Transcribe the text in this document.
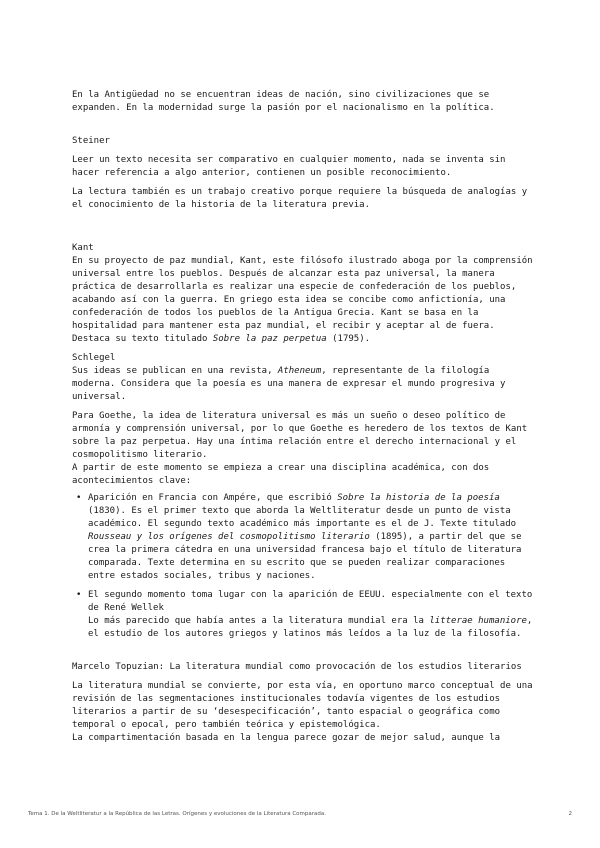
En la Antigüedad no se encuentran ideas de nación, sino civilizaciones que se expanden. En la modernidad surge la pasión por el nacionalismo en la política.

Steiner

Leer un texto necesita ser comparativo en cualquier momento, nada se inventa sin hacer referencia a algo anterior, contienen un posible reconocimiento.

La lectura también es un trabajo creativo porque requiere la búsqueda de analogías y el conocimiento de la historia de la literatura previa.

Kant

En su proyecto de paz mundial, Kant, este filósofo ilustrado aboga por la comprensión universal entre los pueblos. Después de alcanzar esta paz universal, la manera práctica de desarrollarla es realizar una especie de confederación de los pueblos, acabando así con la guerra. En griego esta idea se concibe como anfictionía, una confederación de todos los pueblos de la Antigua Grecia. Kant se basa en la hospitalidad para mantener esta paz mundial, el recibir y aceptar al de fuera. Destaca su texto titulado Sobre la paz perpetua (1795).

Schlegel

Sus ideas se publican en una revista, Atheneum, representante de la filología moderna. Considera que la poesía es una manera de expresar el mundo progresiva y universal.

Para Goethe, la idea de literatura universal es más un sueño o deseo político de armonía y comprensión universal, por lo que Goethe es heredero de los textos de Kant sobre la paz perpetua. Hay una íntima relación entre el derecho internacional y el cosmopolitismo literario.

A partir de este momento se empieza a crear una disciplina académica, con dos acontecimientos clave:

• Aparición en Francia con Ampére, que escribió Sobre la historia de la poesía (1830). Es el primer texto que aborda la Weltliteratur desde un punto de vista académico. El segundo texto académico más importante es el de J. Texte titulado Rousseau y los orígenes del cosmopolitismo literario (1895), a partir del que se crea la primera cátedra en una universidad francesa bajo el título de literatura comparada. Texte determina en su escrito que se pueden realizar comparaciones entre estados sociales, tribus y naciones.
• El segundo momento toma lugar con la aparición de EEUU. especialmente con el texto de René Wellek
Lo más parecido que había antes a la literatura mundial era la litterae humaniore, el estudio de los autores griegos y latinos más leídos a la luz de la filosofía.

Marcelo Topuzian: La literatura mundial como provocación de los estudios literarios

La literatura mundial se convierte, por esta vía, en oportuno marco conceptual de una revisión de las segmentaciones institucionales todavía vigentes de los estudios literarios a partir de su ‘desespecificación’, tanto espacial o geográfica como temporal o epocal, pero también teórica y epistemológica.

La compartimentación basada en la lengua parece gozar de mejor salud, aunque la

Tema 1. De la Weltliteratur a la República de las Letras. Orígenes y evoluciones de la Literatura Comparada.	2
